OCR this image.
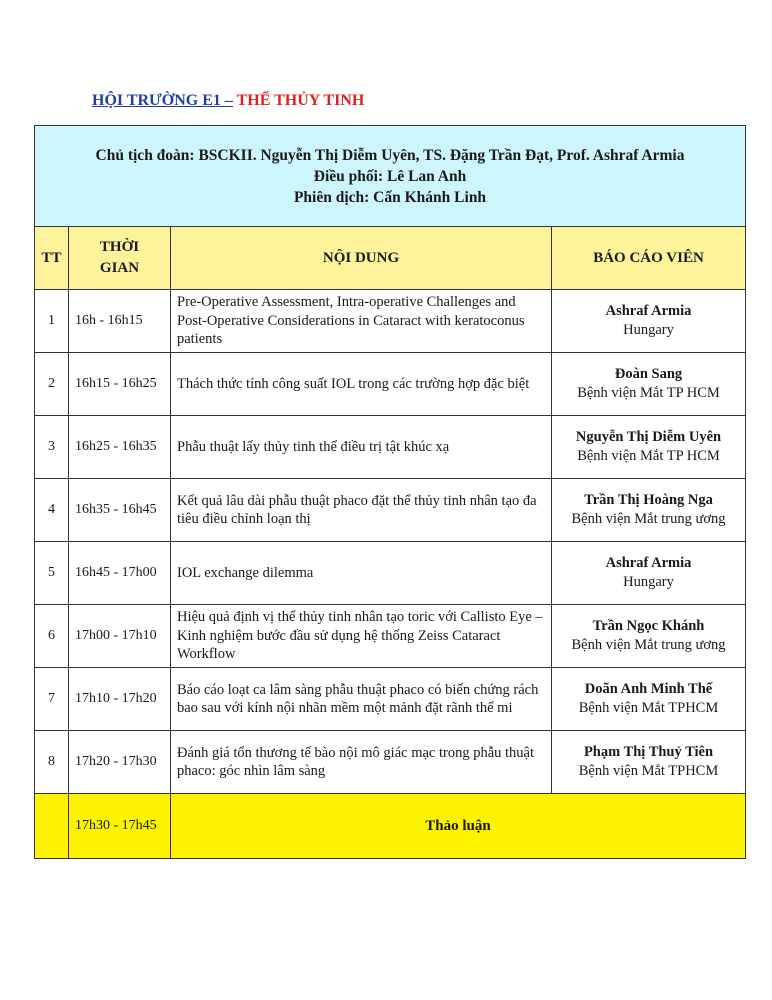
HỘI TRƯỜNG E1 – THỂ THỦY TINH
Chủ tịch đoàn: BSCKII. Nguyễn Thị Diễm Uyên, TS. Đặng Trần Đạt, Prof. Ashraf Armia
Điều phối: Lê Lan Anh
Phiên dịch: Cấn Khánh Linh			

TT	THỜI GIAN	NỘI DUNG	BÁO CÁO VIÊN
1	16h - 16h15	Pre-Operative Assessment, Intra-operative Challenges and Post-Operative Considerations in Cataract with keratoconus patients	Ashraf Armia
Hungary

2	16h15 - 16h25	Thách thức tính công suất IOL trong các trường hợp đặc biệt	Đoàn Sang
Bệnh viện Mắt TP HCM

3	16h25 - 16h35	Phẫu thuật lấy thủy tinh thể điều trị tật khúc xạ	Nguyễn Thị Diễm Uyên
Bệnh viện Mắt TP HCM

4	16h35 - 16h45	Kết quả lâu dài phẫu thuật phaco đặt thể thủy tinh nhân tạo đa tiêu điều chỉnh loạn thị	Trần Thị Hoàng Nga
Bệnh viện Mắt trung ương

5	16h45 - 17h00	IOL exchange dilemma	Ashraf Armia
Hungary

6	17h00 - 17h10	Hiệu quả định vị thể thủy tinh nhân tạo toric với Callisto Eye – Kinh nghiệm bước đầu sử dụng hệ thống Zeiss Cataract Workflow	Trần Ngọc Khánh
Bệnh viện Mắt trung ương

7	17h10 - 17h20	Báo cáo loạt ca lâm sàng phẫu thuật phaco có biến chứng rách bao sau với kính nội nhãn mềm một mảnh đặt rãnh thể mi	Doãn Anh Minh Thế
Bệnh viện Mắt TPHCM

8	17h20 - 17h30	Đánh giá tổn thương tế bào nội mô giác mạc trong phẫu thuật phaco: góc nhìn lâm sàng	Phạm Thị Thuỷ Tiên
Bệnh viện Mắt TPHCM

	17h30 - 17h45	Thảo luận	
